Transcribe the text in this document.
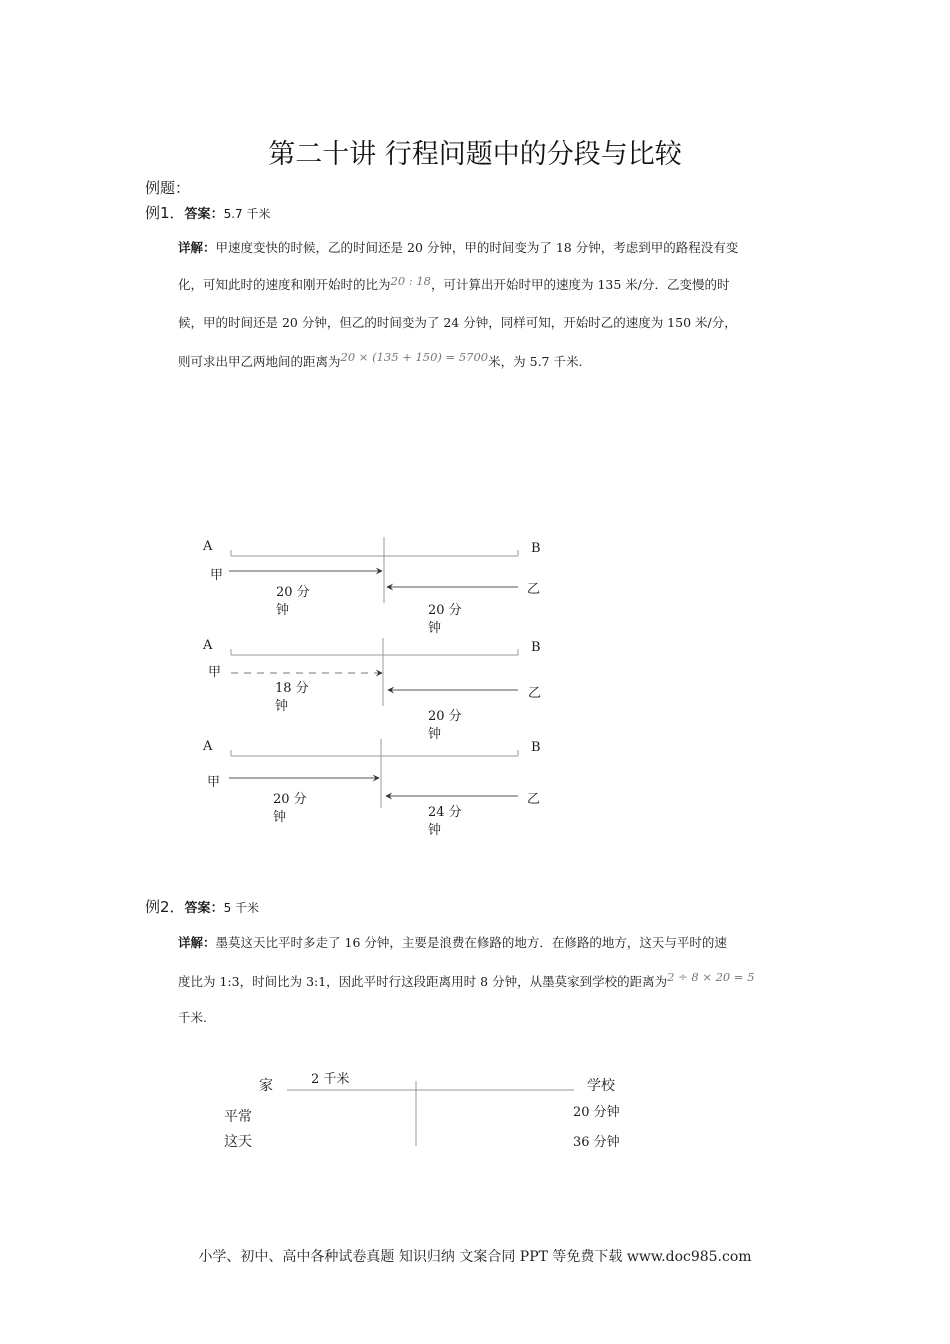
第二十讲 行程问题中的分段与比较
例题：
例1．答案：5.7 千米
详解：甲速度变快的时候，乙的时间还是 20 分钟，甲的时间变为了 18 分钟，考虑到甲的路程没有变
化，可知此时的速度和刚开始时的比为20 : 18，可计算出开始时甲的速度为 135 米/分．乙变慢的时
候，甲的时间还是 20 分钟，但乙的时间变为了 24 分钟，同样可知，开始时乙的速度为 150 米/分，
则可求出甲乙两地间的距离为20 × (135 + 150) = 5700米，为 5.7 千米.
A	B
甲
乙
20 分
钟	20 分
钟
A	B
甲
乙
18 分
钟
20 分
钟
A	B
甲
乙
20 分
钟	24 分
钟
例2．答案：5 千米
详解：墨莫这天比平时多走了 16 分钟，主要是浪费在修路的地方．在修路的地方，这天与平时的速
度比为 1:3，时间比为 3:1，因此平时行这段距离用时 8 分钟，从墨莫家到学校的距离为2 ÷ 8 × 20 = 5
千米.
家	2 千米	学校
平常
这天
20 分钟
36 分钟
小学、初中、高中各种试卷真题 知识归纳 文案合同 PPT 等免费下载 www.doc985.com
